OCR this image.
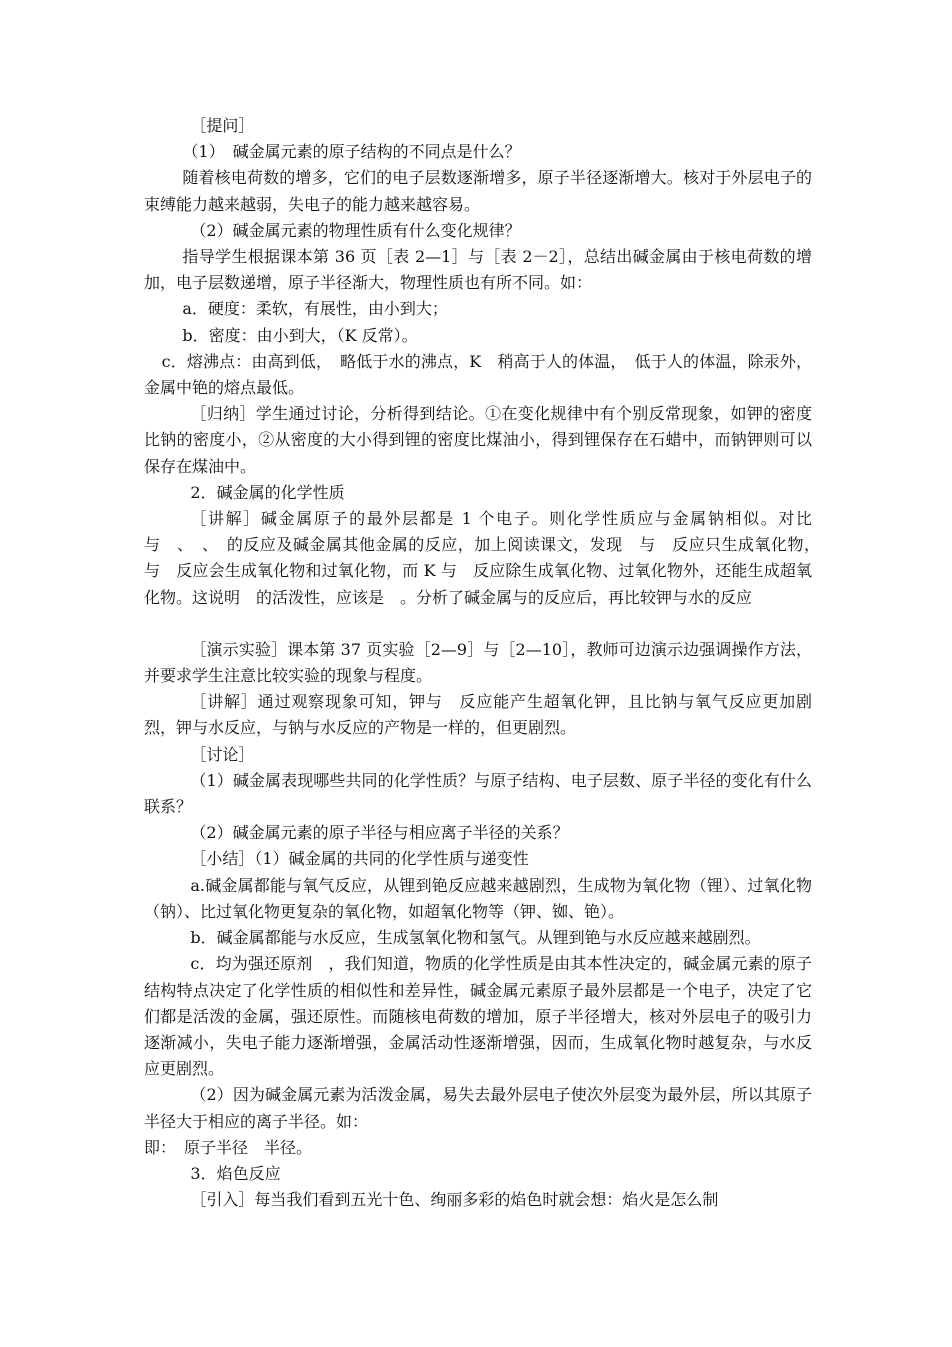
［提问］

（1）　碱金属元素的原子结构的不同点是什么？

随着核电荷数的增多，它们的电子层数逐渐增多，原子半径逐渐增大。核对于外层电子的束缚能力越来越弱，失电子的能力越来越容易。

（2）碱金属元素的物理性质有什么变化规律？

指导学生根据课本第 36 页［表 2—1］与［表 2－2］，总结出碱金属由于核电荷数的增加，电子层数递增，原子半径渐大，物理性质也有所不同。如：

a．硬度：柔软，有展性，由小到大；

b．密度：由小到大，（K 反常）。

c．熔沸点：由高到低，　略低于水的沸点，K　稍高于人的体温，　低于人的体温，除汞外，金属中铯的熔点最低。

［归纳］学生通过讨论，分析得到结论。①在变化规律中有个别反常现象，如钾的密度比钠的密度小，②从密度的大小得到锂的密度比煤油小，得到锂保存在石蜡中，而钠钾则可以保存在煤油中。

2．碱金属的化学性质

［讲解］碱金属原子的最外层都是 1 个电子。则化学性质应与金属钠相似。对比　与　、　、　的反应及碱金属其他金属的反应，加上阅读课文，发现　与　反应只生成氧化物，　与　反应会生成氧化物和过氧化物，而 K 与　反应除生成氧化物、过氧化物外，还能生成超氧化物。这说明　的活泼性，应该是　。分析了碱金属与的反应后，再比较钾与水的反应

［演示实验］课本第 37 页实验［2—9］与［2—10］，教师可边演示边强调操作方法，并要求学生注意比较实验的现象与程度。

［讲解］通过观察现象可知，钾与　反应能产生超氧化钾，且比钠与氧气反应更加剧烈，钾与水反应，与钠与水反应的产物是一样的，但更剧烈。

［讨论］

（1）碱金属表现哪些共同的化学性质？与原子结构、电子层数、原子半径的变化有什么联系？

（2）碱金属元素的原子半径与相应离子半径的关系？

［小结］（1）碱金属的共同的化学性质与递变性

a.碱金属都能与氧气反应，从锂到铯反应越来越剧烈，生成物为氧化物（锂）、过氧化物（钠）、比过氧化物更复杂的氧化物，如超氧化物等（钾、铷、铯）。

b．碱金属都能与水反应，生成氢氧化物和氢气。从锂到铯与水反应越来越剧烈。

c．均为强还原剂　，我们知道，物质的化学性质是由其本性决定的，碱金属元素的原子结构特点决定了化学性质的相似性和差异性，碱金属元素原子最外层都是一个电子，决定了它们都是活泼的金属，强还原性。而随核电荷数的增加，原子半径增大，核对外层电子的吸引力逐渐减小，失电子能力逐渐增强，金属活动性逐渐增强，因而，生成氧化物时越复杂，与水反应更剧烈。

（2）因为碱金属元素为活泼金属，易失去最外层电子使次外层变为最外层，所以其原子半径大于相应的离子半径。如：

即：　原子半径　半径。

3．焰色反应

［引入］每当我们看到五光十色、绚丽多彩的焰色时就会想：焰火是怎么制
